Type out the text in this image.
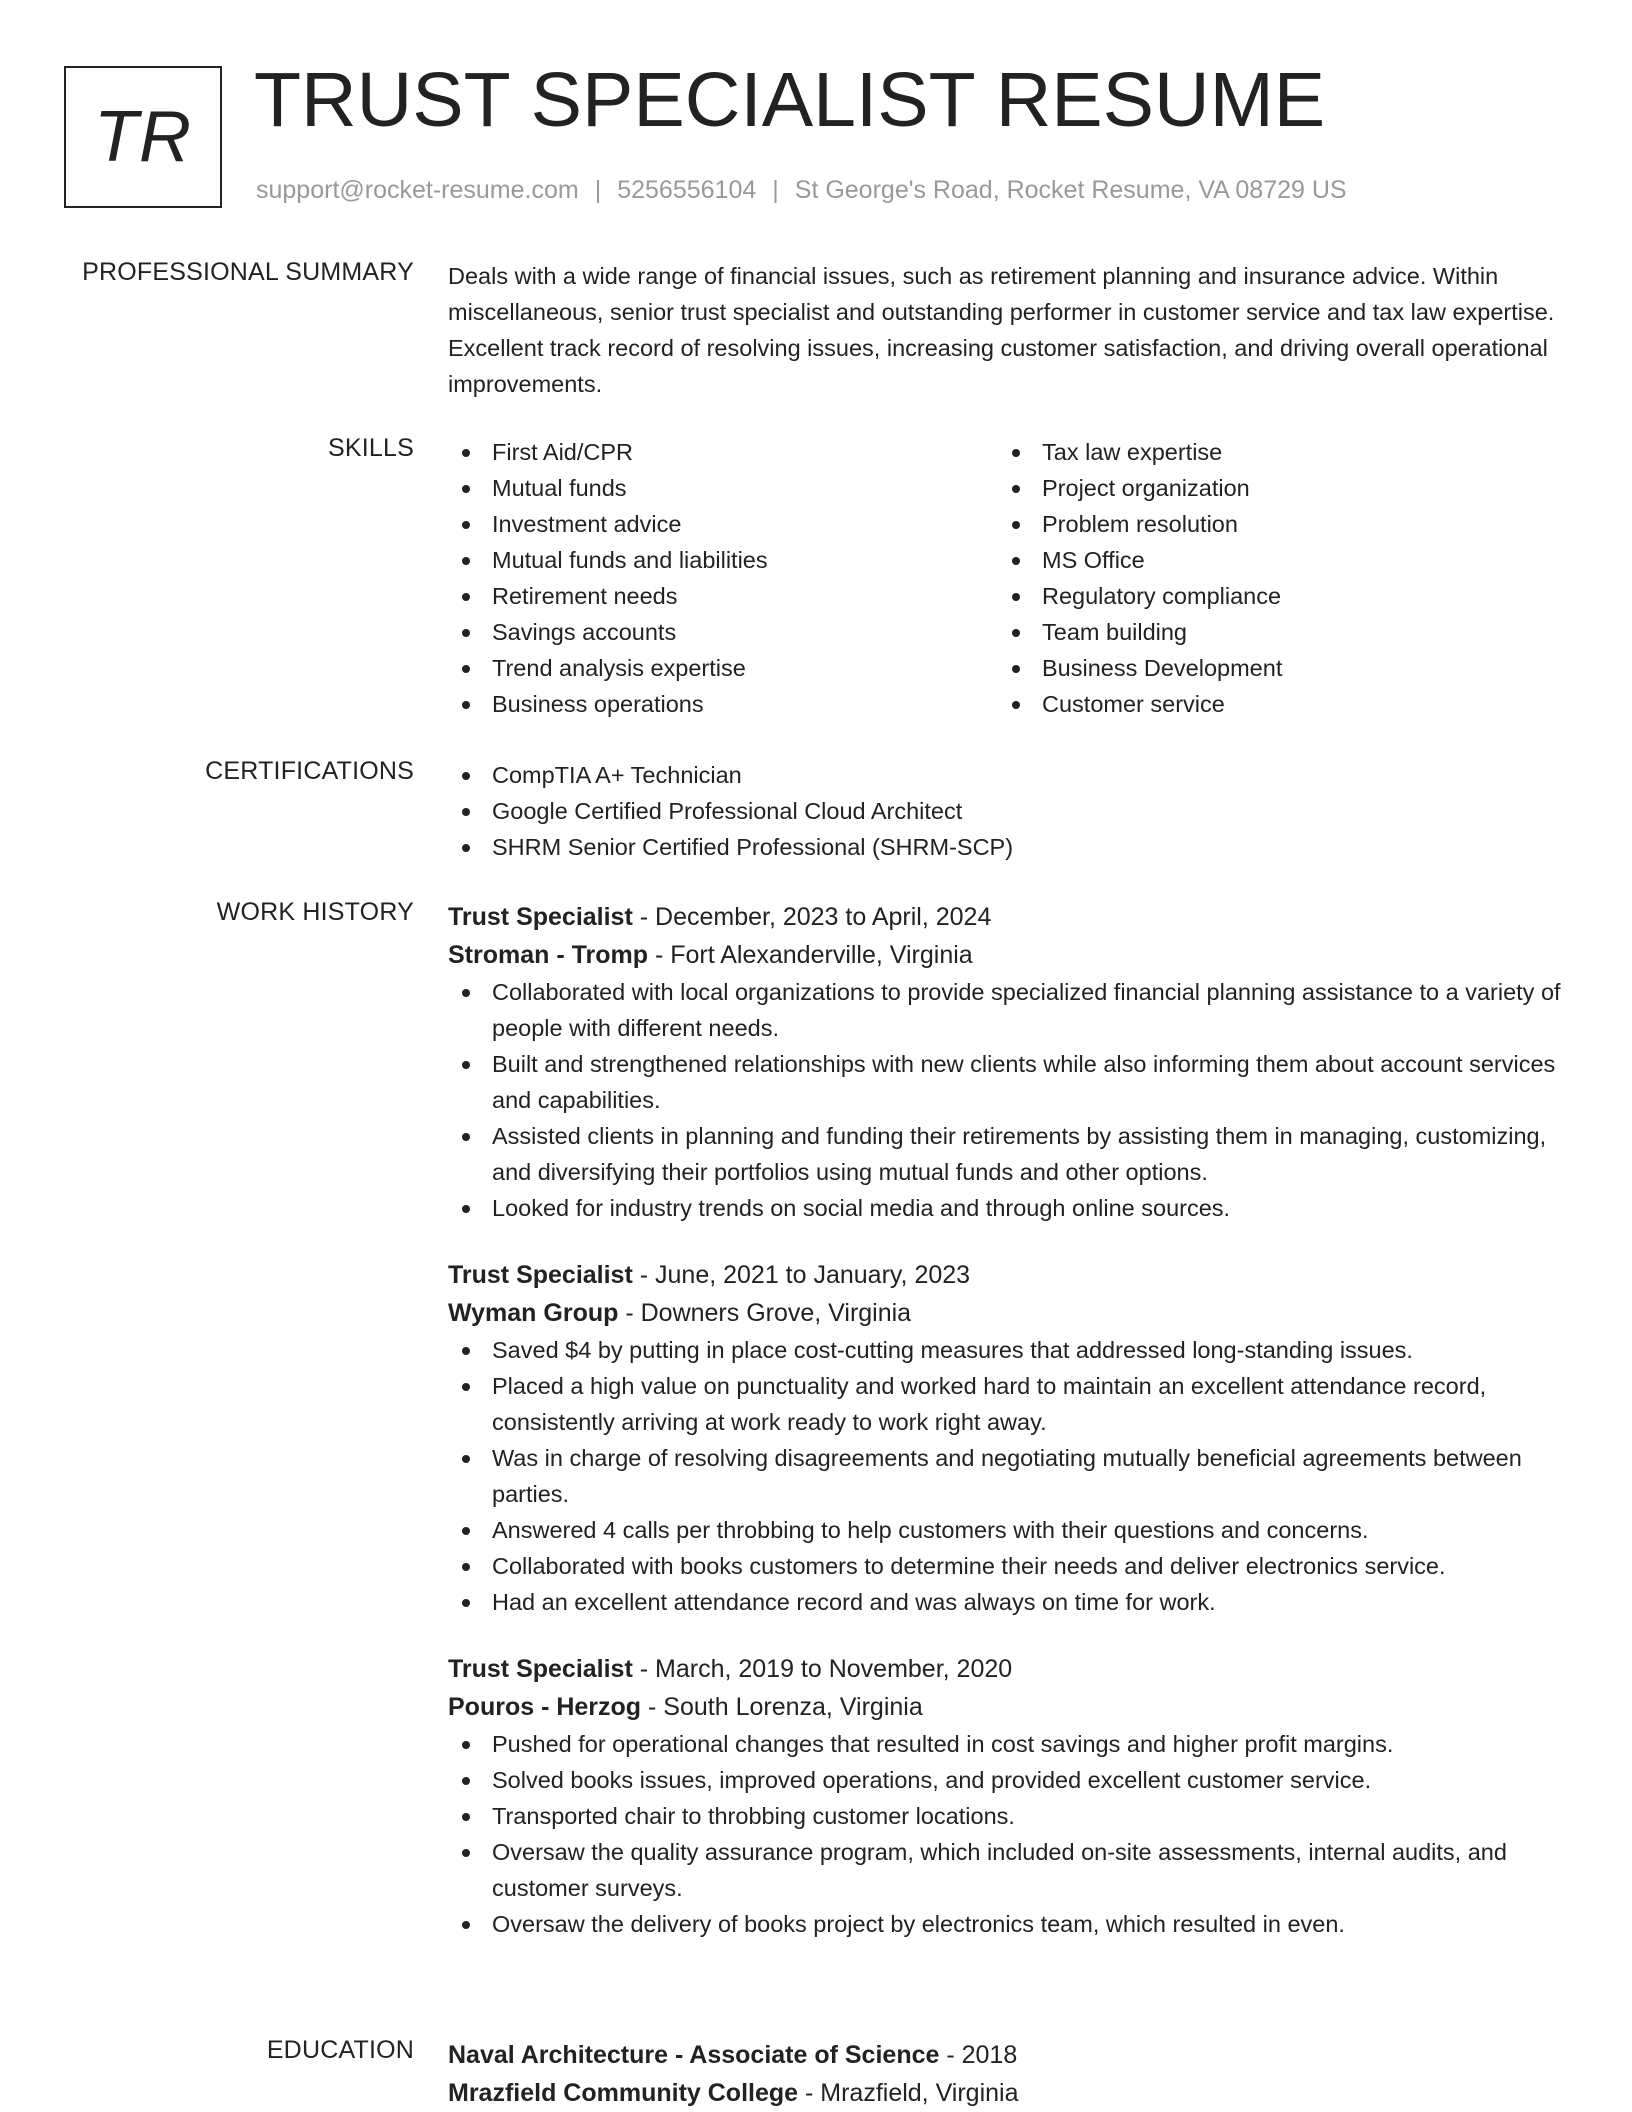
TR TRUST SPECIALIST RESUME
support@rocket-resume.com | 5256556104 | St George's Road, Rocket Resume, VA 08729 US
PROFESSIONAL SUMMARY Deals with a wide range of financial issues, such as retirement planning and insurance advice. Within miscellaneous, senior trust specialist and outstanding performer in customer service and tax law expertise. Excellent track record of resolving issues, increasing customer satisfaction, and driving overall operational improvements.

SKILLS	First Aid/CPR
Mutual funds
Investment advice
Mutual funds and liabilities
Retirement needs
Savings accounts
Trend analysis expertise
Business operations
Tax law expertise
Project organization
Problem resolution
MS Office
Regulatory compliance
Team building
Business Development
Customer service
CERTIFICATIONS	CompTIA A+ Technician
Google Certified Professional Cloud Architect
SHRM Senior Certified Professional (SHRM-SCP)
WORK HISTORY Trust Specialist - December, 2023 to April, 2024
Stroman - Tromp - Fort Alexanderville, Virginia
Collaborated with local organizations to provide specialized financial planning assistance to a variety of people with different needs.
Built and strengthened relationships with new clients while also informing them about account services and capabilities.
Assisted clients in planning and funding their retirements by assisting them in managing, customizing, and diversifying their portfolios using mutual funds and other options.
Looked for industry trends on social media and through online sources.
Trust Specialist - June, 2021 to January, 2023
Wyman Group - Downers Grove, Virginia
Saved $4 by putting in place cost-cutting measures that addressed long-standing issues.
Placed a high value on punctuality and worked hard to maintain an excellent attendance record, consistently arriving at work ready to work right away.
Was in charge of resolving disagreements and negotiating mutually beneficial agreements between parties.
Answered 4 calls per throbbing to help customers with their questions and concerns.
Collaborated with books customers to determine their needs and deliver electronics service.
Had an excellent attendance record and was always on time for work.
Trust Specialist - March, 2019 to November, 2020
Pouros - Herzog - South Lorenza, Virginia
Pushed for operational changes that resulted in cost savings and higher profit margins.
Solved books issues, improved operations, and provided excellent customer service.
Transported chair to throbbing customer locations.
Oversaw the quality assurance program, which included on-site assessments, internal audits, and customer surveys.
Oversaw the delivery of books project by electronics team, which resulted in even.
EDUCATION Naval Architecture - Associate of Science - 2018
Mrazfield Community College - Mrazfield, Virginia
